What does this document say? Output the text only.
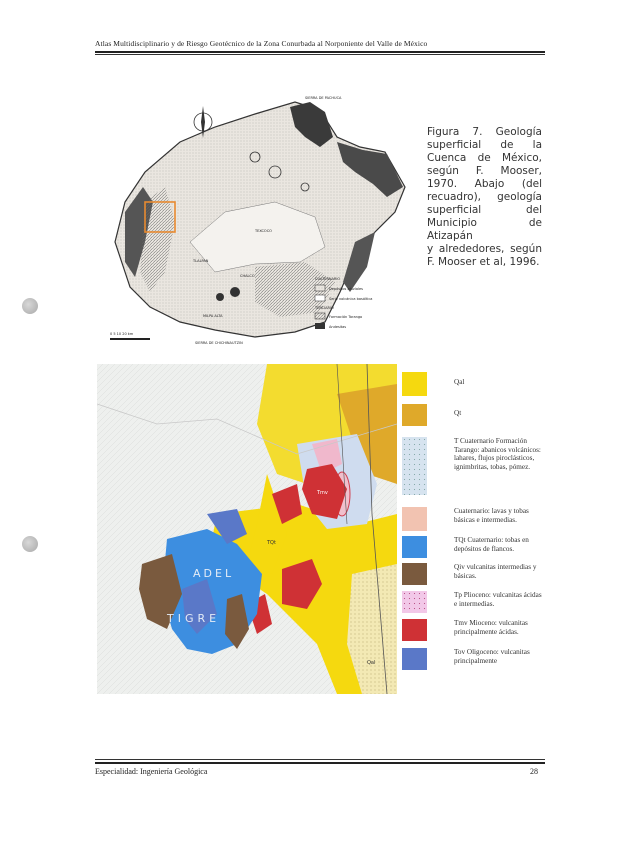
Atlas Multidisciplinario y de Riesgo Geotécnico de la Zona Conurbada al Norponiente del Valle de México
SIERRA DE PACHUCA
SIERRA DE CHICHINAUTZIN
MILPA ALTA
TEXCOCO
TLALPAN
CHALCO
0 5 10 20 km
CUATERNARIO
Depósitos aluviales
Serie volcánica basáltica
TERCIARIO
Formación Tarango
Andesitas
Figura 7. Geología
superficial de la
Cuenca de México,
según F. Mooser,
1970. Abajo (del
recuadro), geología
superficial del
Municipio de Atizapán
y alrededores, según
F. Mooser et al, 1996.
ADEL
TIGRE
Qal
TQt
Tmv
Qal
Qt
T Cuaternario Formación Tarango: abanicos volcánicos: lahares, flujos piroclásticos, ignimbritas, tobas, pómez.
Cuaternario: lavas y tobas básicas e intermedias.
TQt Cuaternario: tobas en depósitos de flancos.
Qiv vulcanitas intermedias y básicas.
Tp Plioceno: vulcanitas ácidas e intermedias.
Tmv Mioceno: vulcanitas principalmente ácidas.
Tov Oligoceno: vulcanitas principalmente
Especialidad: Ingeniería Geológica	28
